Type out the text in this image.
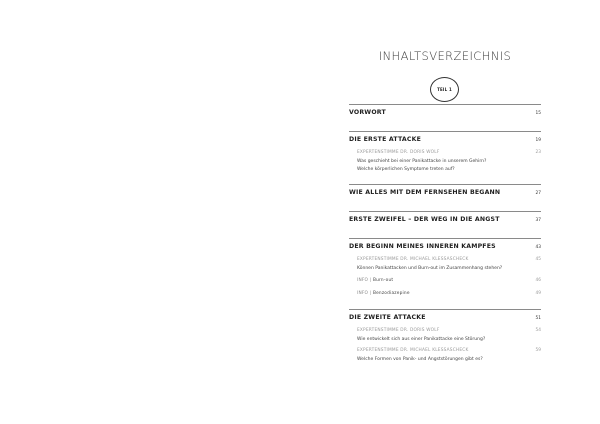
INHALTSVERZEICHNIS
TEIL 1
VORWORT	15
DIE ERSTE ATTACKE	19
EXPERTENSTIMME DR. DORIS WOLF	23
Was geschieht bei einer Panikattacke in unserem Gehirn?
Welche körperlichen Symptome treten auf?
WIE ALLES MIT DEM FERNSEHEN BEGANN	27
ERSTE ZWEIFEL – DER WEG IN DIE ANGST	37
DER BEGINN MEINES INNEREN KAMPFES	43
EXPERTENSTIMME DR. MICHAEL KLESSASCHECK	45
Können Panikattacken und Burn-out im Zusammenhang stehen?
INFO | Burn-out	46
INFO | Benzodiazepine	49
DIE ZWEITE ATTACKE	51
EXPERTENSTIMME DR. DORIS WOLF	54
Wie entwickelt sich aus einer Panikattacke eine Störung?
EXPERTENSTIMME DR. MICHAEL KLESSASCHECK	59
Welche Formen von Panik- und Angststörungen gibt es?
